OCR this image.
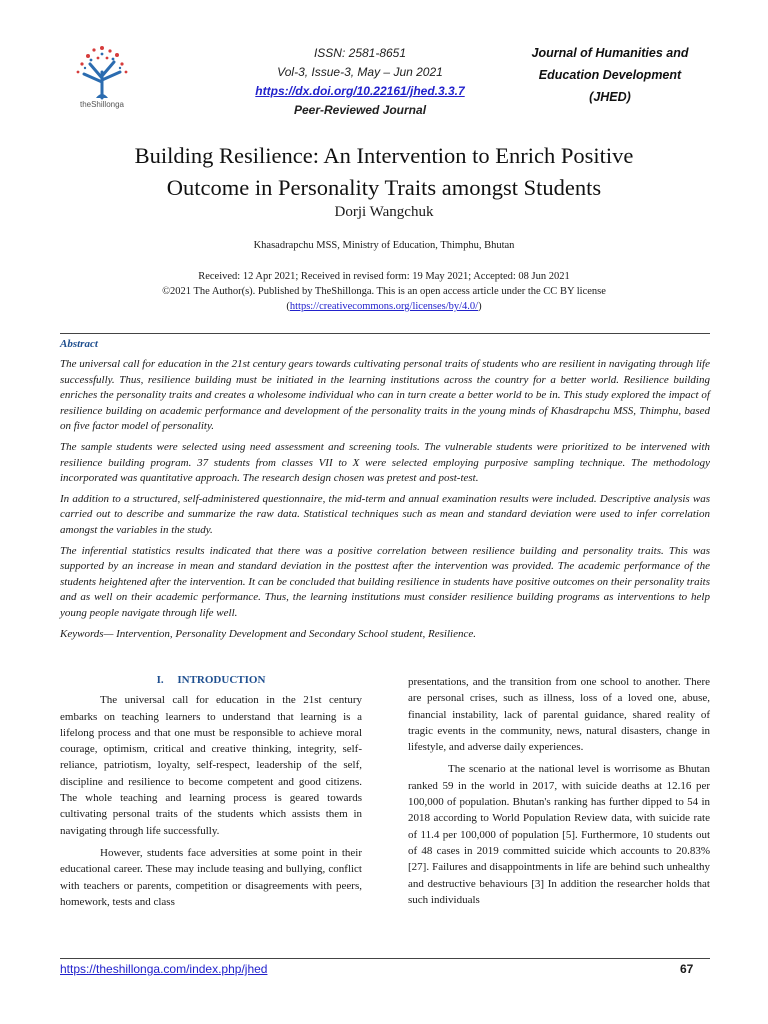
theShillonga
ISSN: 2581-8651
Vol-3, Issue-3, May – Jun 2021
https://dx.doi.org/10.22161/jhed.3.3.7
Peer-Reviewed Journal
Journal of Humanities and
Education Development
(JHED)
Building Resilience: An Intervention to Enrich Positive
Outcome in Personality Traits amongst Students
Dorji Wangchuk
Khasadrapchu MSS, Ministry of Education, Thimphu, Bhutan
Received: 12 Apr 2021; Received in revised form: 19 May 2021; Accepted: 08 Jun 2021
©2021 The Author(s). Published by TheShillonga. This is an open access article under the CC BY license
(https://creativecommons.org/licenses/by/4.0/)
Abstract

The universal call for education in the 21st century gears towards cultivating personal traits of students who are resilient in navigating through life successfully. Thus, resilience building must be initiated in the learning institutions across the country for a better world. Resilience building enriches the personality traits and creates a wholesome individual who can in turn create a better world to be in. This study explored the impact of resilience building on academic performance and development of the personality traits in the young minds of Khasdrapchu MSS, Thimphu, based on five factor model of personality.

The sample students were selected using need assessment and screening tools. The vulnerable students were prioritized to be intervened with resilience building program. 37 students from classes VII to X were selected employing purposive sampling technique. The methodology incorporated was quantitative approach. The research design chosen was pretest and post-test.

In addition to a structured, self-administered questionnaire, the mid-term and annual examination results were included. Descriptive analysis was carried out to describe and summarize the raw data. Statistical techniques such as mean and standard deviation were used to infer correlation amongst the variables in the study.

The inferential statistics results indicated that there was a positive correlation between resilience building and personality traits. This was supported by an increase in mean and standard deviation in the posttest after the intervention was provided. The academic performance of the students heightened after the intervention. It can be concluded that building resilience in students have positive outcomes on their personality traits and as well on their academic performance. Thus, the learning institutions must consider resilience building programs as interventions to help young people navigate through life well.

Keywords— Intervention, Personality Development and Secondary School student, Resilience.
I.     INTRODUCTION

The universal call for education in the 21st century embarks on teaching learners to understand that learning is a lifelong process and that one must be responsible to achieve moral courage, optimism, critical and creative thinking, integrity, self-reliance, patriotism, loyalty, self-respect, leadership of the self, discipline and resilience to become competent and good citizens. The whole teaching and learning process is geared towards cultivating personal traits of the students which assists them in navigating through life successfully.

However, students face adversities at some point in their educational career. These may include teasing and bullying, conflict with teachers or parents, competition or disagreements with peers, homework, tests and class

presentations, and the transition from one school to another. There are personal crises, such as illness, loss of a loved one, abuse, financial instability, lack of parental guidance, shared reality of tragic events in the community, news, natural disasters, change in lifestyle, and adverse daily experiences.

The scenario at the national level is worrisome as Bhutan ranked 59 in the world in 2017, with suicide deaths at 12.16 per 100,000 of population. Bhutan's ranking has further dipped to 54 in 2018 according to World Population Review data, with suicide rate of 11.4 per 100,000 of population [5]. Furthermore, 10 students out of 48 cases in 2019 committed suicide which accounts to 20.83% [27]. Failures and disappointments in life are behind such unhealthy and destructive behaviours [3] In addition the researcher holds that such individuals

https://theshillonga.com/index.php/jhed	67
